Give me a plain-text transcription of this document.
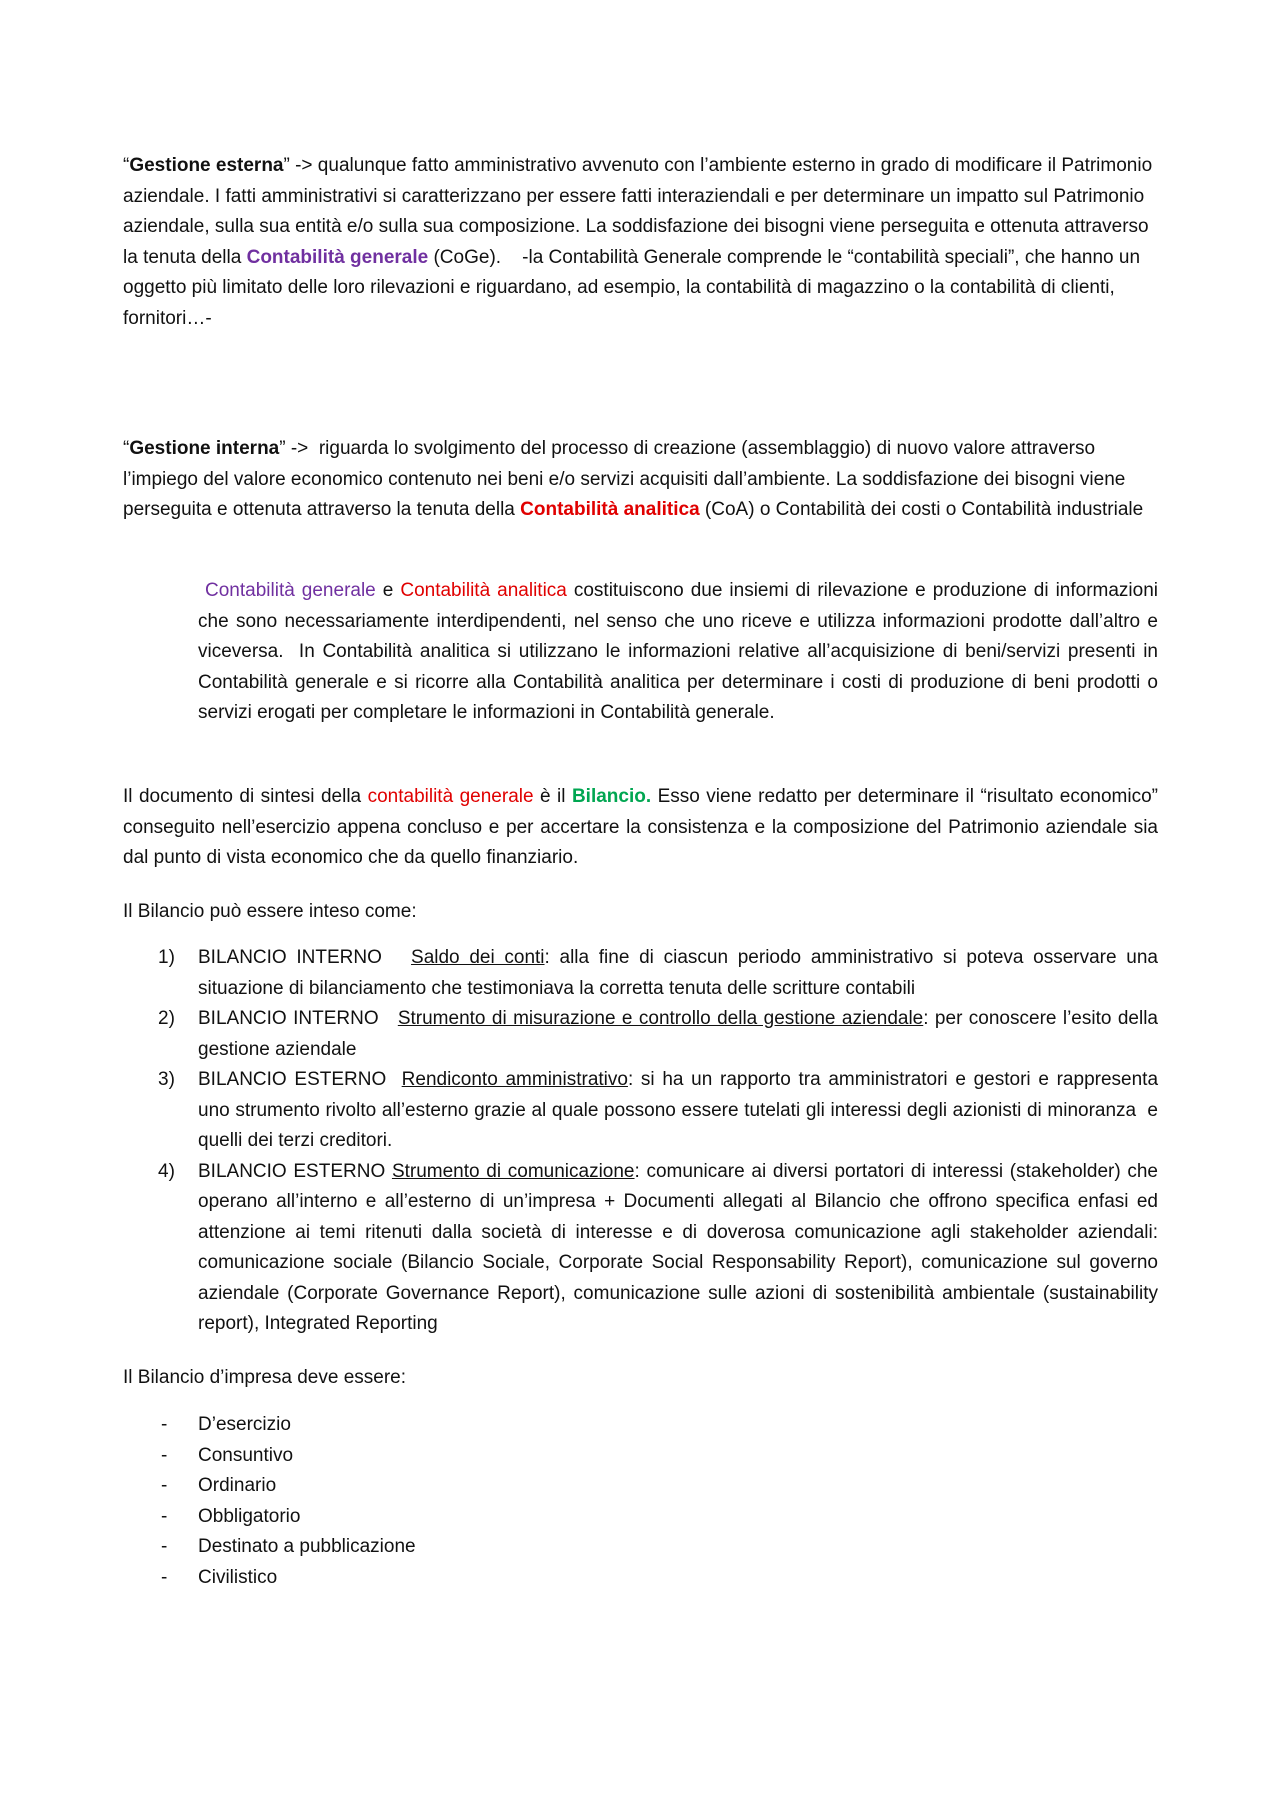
“Gestione esterna” -> qualunque fatto amministrativo avvenuto con l’ambiente esterno in grado di modificare il Patrimonio aziendale. I fatti amministrativi si caratterizzano per essere fatti interaziendali e per determinare un impatto sul Patrimonio aziendale, sulla sua entità e/o sulla sua composizione. La soddisfazione dei bisogni viene perseguita e ottenuta attraverso la tenuta della Contabilità generale (CoGe).    -la Contabilità Generale comprende le “contabilità speciali”, che hanno un oggetto più limitato delle loro rilevazioni e riguardano, ad esempio, la contabilità di magazzino o la contabilità di clienti, fornitori…-

“Gestione interna” ->  riguarda lo svolgimento del processo di creazione (assemblaggio) di nuovo valore attraverso l’impiego del valore economico contenuto nei beni e/o servizi acquisiti dall’ambiente. La soddisfazione dei bisogni viene perseguita e ottenuta attraverso la tenuta della Contabilità analitica (CoA) o Contabilità dei costi o Contabilità industriale

Contabilità generale e Contabilità analitica costituiscono due insiemi di rilevazione e produzione di informazioni che sono necessariamente interdipendenti, nel senso che uno riceve e utilizza informazioni prodotte dall’altro e viceversa.  In Contabilità analitica si utilizzano le informazioni relative all’acquisizione di beni/servizi presenti in Contabilità generale e si ricorre alla Contabilità analitica per determinare i costi di produzione di beni prodotti o servizi erogati per completare le informazioni in Contabilità generale.

Il documento di sintesi della contabilità generale è il Bilancio. Esso viene redatto per determinare il “risultato economico” conseguito nell’esercizio appena concluso e per accertare la consistenza e la composizione del Patrimonio aziendale sia dal punto di vista economico che da quello finanziario.

Il Bilancio può essere inteso come:

1) BILANCIO INTERNO Saldo dei conti: alla fine di ciascun periodo amministrativo si poteva osservare una situazione di bilanciamento che testimoniava la corretta tenuta delle scritture contabili
2) BILANCIO INTERNO Strumento di misurazione e controllo della gestione aziendale: per conoscere l’esito della gestione aziendale
3) BILANCIO ESTERNO Rendiconto amministrativo: si ha un rapporto tra amministratori e gestori e rappresenta uno strumento rivolto all’esterno grazie al quale possono essere tutelati gli interessi degli azionisti di minoranza  e quelli dei terzi creditori.
4) BILANCIO ESTERNO Strumento di comunicazione: comunicare ai diversi portatori di interessi (stakeholder) che operano all’interno e all’esterno di un’impresa + Documenti allegati al Bilancio che offrono specifica enfasi ed attenzione ai temi ritenuti dalla società di interesse e di doverosa comunicazione agli stakeholder aziendali: comunicazione sociale (Bilancio Sociale, Corporate Social Responsability Report), comunicazione sul governo aziendale (Corporate Governance Report), comunicazione sulle azioni di sostenibilità ambientale (sustainability report), Integrated Reporting

Il Bilancio d’impresa deve essere:

- D’esercizio
- Consuntivo
- Ordinario
- Obbligatorio
- Destinato a pubblicazione
- Civilistico
